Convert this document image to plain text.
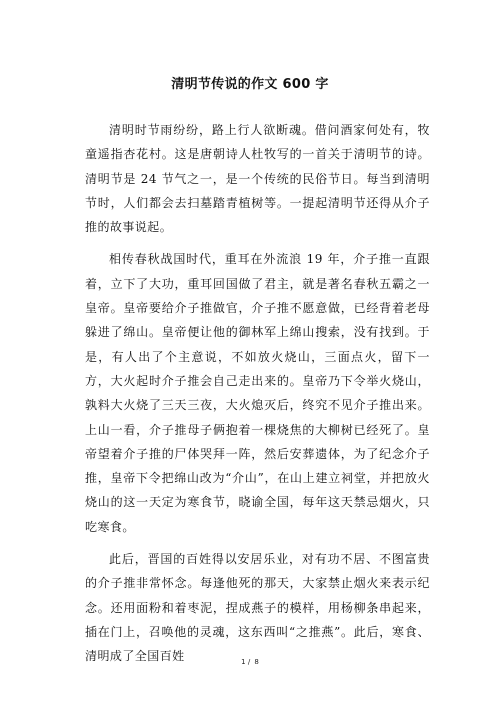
清明节传说的作文 600 字

清明时节雨纷纷，路上行人欲断魂。借问酒家何处有，牧童遥指杏花村。这是唐朝诗人杜牧写的一首关于清明节的诗。清明节是 24 节气之一，是一个传统的民俗节日。每当到清明节时，人们都会去扫墓踏青植树等。一提起清明节还得从介子推的故事说起。

相传春秋战国时代，重耳在外流浪 19 年，介子推一直跟着，立下了大功，重耳回国做了君主，就是著名春秋五霸之一皇帝。皇帝要给介子推做官，介子推不愿意做，已经背着老母躲进了绵山。皇帝便让他的御林军上绵山搜索，没有找到。于是，有人出了个主意说，不如放火烧山，三面点火，留下一方，大火起时介子推会自己走出来的。皇帝乃下令举火烧山，孰料大火烧了三天三夜，大火熄灭后，终究不见介子推出来。上山一看，介子推母子俩抱着一棵烧焦的大柳树已经死了。皇帝望着介子推的尸体哭拜一阵，然后安葬遗体，为了纪念介子推，皇帝下令把绵山改为“介山”，在山上建立祠堂，并把放火烧山的这一天定为寒食节，晓谕全国，每年这天禁忌烟火，只吃寒食。

此后，晋国的百姓得以安居乐业，对有功不居、不图富贵的介子推非常怀念。每逢他死的那天，大家禁止烟火来表示纪念。还用面粉和着枣泥，捏成燕子的模样，用杨柳条串起来，插在门上，召唤他的灵魂，这东西叫“之推燕”。此后，寒食、清明成了全国百姓	1 / 8
